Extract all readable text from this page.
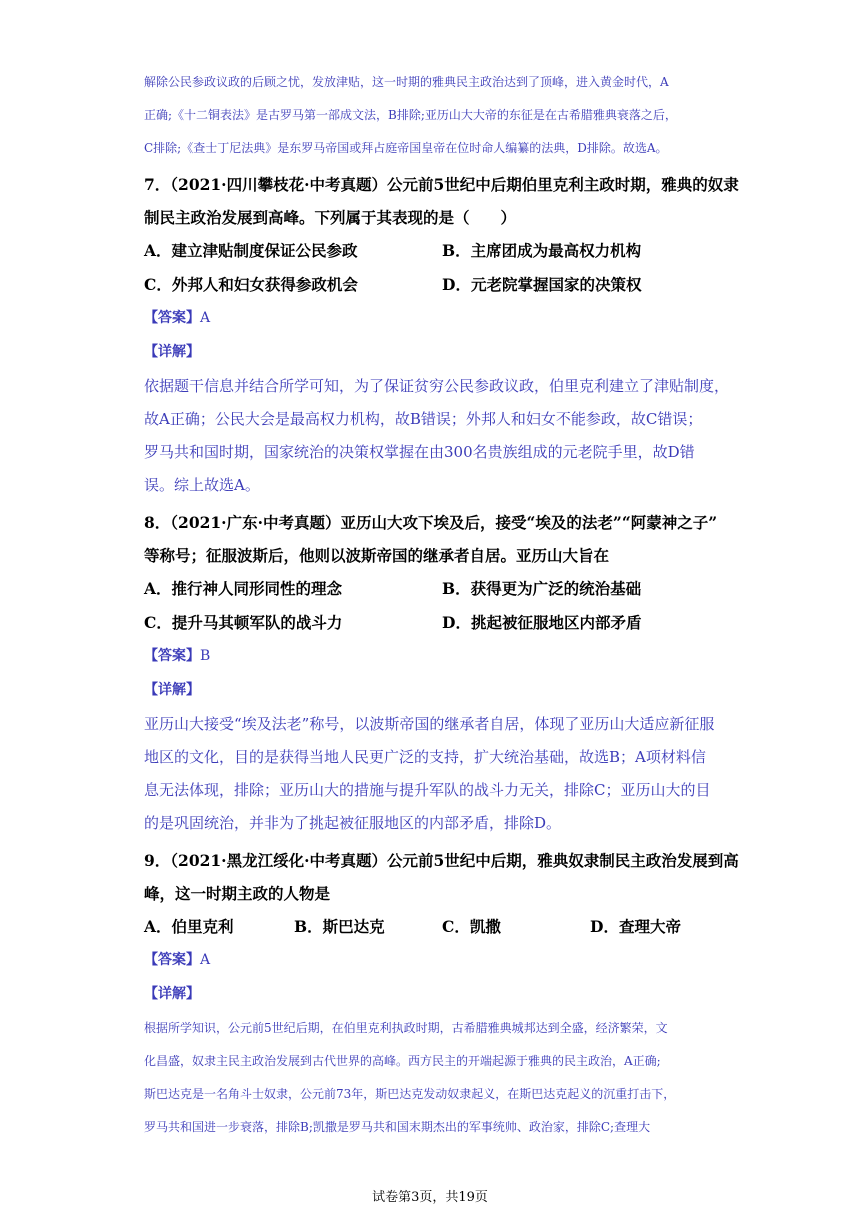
解除公民参政议政的后顾之忧，发放津贴，这一时期的雅典民主政治达到了顶峰，进入黄金时代，A

正确;《十二铜表法》是古罗马第一部成文法，B排除;亚历山大大帝的东征是在古希腊雅典衰落之后，

C排除;《查士丁尼法典》是东罗马帝国或拜占庭帝国皇帝在位时命人编纂的法典，D排除。故选A。

7．（2021·四川攀枝花·中考真题）公元前5世纪中后期伯里克利主政时期，雅典的奴隶

制民主政治发展到高峰。下列属于其表现的是（　　）

A．建立津贴制度保证公民参政	B．主席团成为最高权力机构
C．外邦人和妇女获得参政机会	D．元老院掌握国家的决策权
【答案】A
【详解】

依据题干信息并结合所学可知，为了保证贫穷公民参政议政，伯里克利建立了津贴制度，

故A正确；公民大会是最高权力机构，故B错误；外邦人和妇女不能参政，故C错误；

罗马共和国时期，国家统治的决策权掌握在由300名贵族组成的元老院手里，故D错

误。综上故选A。

8．（2021·广东·中考真题）亚历山大攻下埃及后，接受“埃及的法老”“阿蒙神之子”

等称号；征服波斯后，他则以波斯帝国的继承者自居。亚历山大旨在

A．推行神人同形同性的理念	B．获得更为广泛的统治基础
C．提升马其顿军队的战斗力	D．挑起被征服地区内部矛盾
【答案】B
【详解】

亚历山大接受“埃及法老”称号，以波斯帝国的继承者自居，体现了亚历山大适应新征服

地区的文化，目的是获得当地人民更广泛的支持，扩大统治基础，故选B；A项材料信

息无法体现，排除；亚历山大的措施与提升军队的战斗力无关，排除C；亚历山大的目

的是巩固统治，并非为了挑起被征服地区的内部矛盾，排除D。

9．（2021·黑龙江绥化·中考真题）公元前5世纪中后期，雅典奴隶制民主政治发展到高

峰，这一时期主政的人物是

A．伯里克利	B．斯巴达克	C．凯撒	D．查理大帝
【答案】A
【详解】

根据所学知识，公元前5世纪后期，在伯里克利执政时期，古希腊雅典城邦达到全盛，经济繁荣，文

化昌盛，奴隶主民主政治发展到古代世界的高峰。西方民主的开端起源于雅典的民主政治，A正确;

斯巴达克是一名角斗士奴隶，公元前73年，斯巴达克发动奴隶起义，在斯巴达克起义的沉重打击下，

罗马共和国进一步衰落，排除B;凯撒是罗马共和国末期杰出的军事统帅、政治家，排除C;查理大

试卷第3页，共19页
